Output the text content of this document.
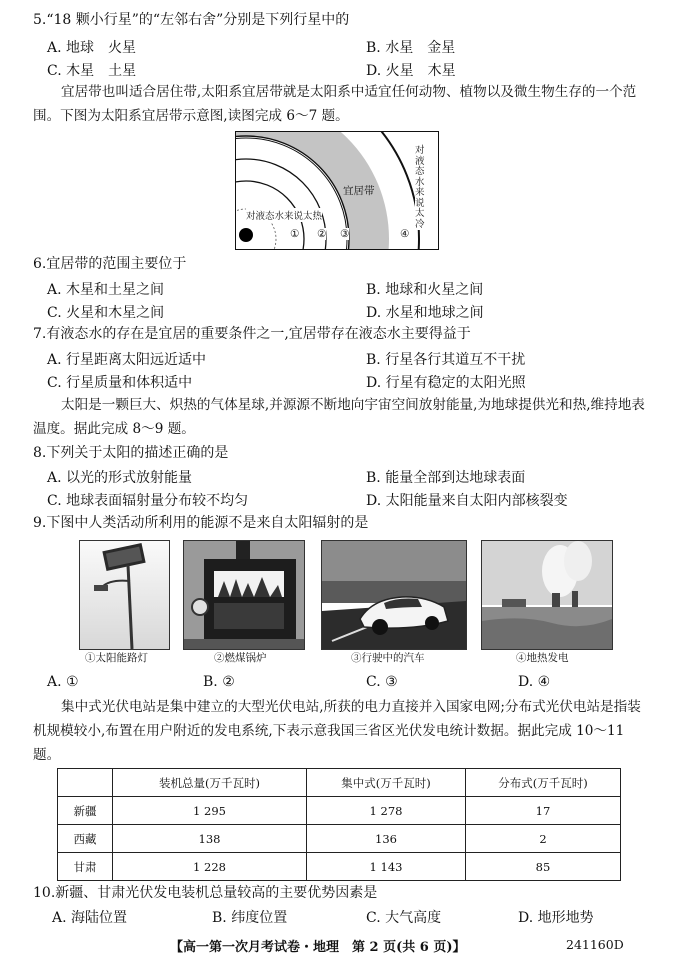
5.“18 颗小行星”的“左邻右舍”分别是下列行星中的
A. 地球　火星	B. 水星　金星
C. 木星　土星	D. 火星　木星
宜居带也叫适合居住带,太阳系宜居带就是太阳系中适宜任何动物、植物以及微生物生存的一个范围。下图为太阳系宜居带示意图,读图完成 6～7 题。
宜居带
对液态水来说太热
对液态水来说太冷
① ② ③	④
6.宜居带的范围主要位于
A. 木星和土星之间	B. 地球和火星之间
C. 火星和木星之间	D. 水星和地球之间
7.有液态水的存在是宜居的重要条件之一,宜居带存在液态水主要得益于
A. 行星距离太阳远近适中	B. 行星各行其道互不干扰
C. 行星质量和体积适中	D. 行星有稳定的太阳光照
太阳是一颗巨大、炽热的气体星球,并源源不断地向宇宙空间放射能量,为地球提供光和热,维持地表温度。据此完成 8～9 题。
8.下列关于太阳的描述正确的是
A. 以光的形式放射能量	B. 能量全部到达地球表面
C. 地球表面辐射量分布较不均匀	D. 太阳能量来自太阳内部核裂变
9.下图中人类活动所利用的能源不是来自太阳辐射的是
①太阳能路灯	②燃煤锅炉	③行驶中的汽车	④地热发电
A. ①	B. ②	C. ③	D. ④
集中式光伏电站是集中建立的大型光伏电站,所获的电力直接并入国家电网;分布式光伏电站是指装机规模较小,布置在用户附近的发电系统,下表示意我国三省区光伏发电统计数据。据此完成 10～11 题。
	装机总量(万千瓦时)	集中式(万千瓦时)	分布式(万千瓦时)
新疆	1 295	1 278	17
西藏	138	136	2
甘肃	1 228	1 143	85
10.新疆、甘肃光伏发电装机总量较高的主要优势因素是
A. 海陆位置	B. 纬度位置	C. 大气高度	D. 地形地势
【高一第一次月考试卷・地理　第 2 页(共 6 页)】	241160D
